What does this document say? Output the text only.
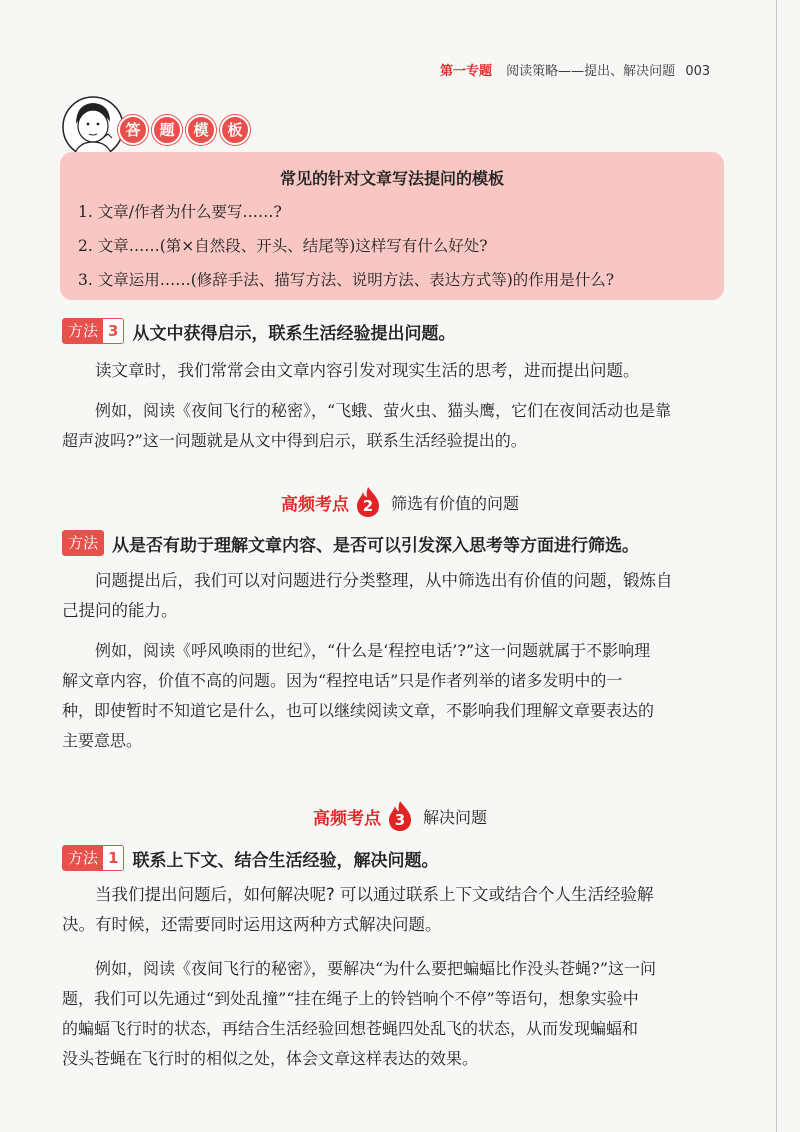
第一专题 阅读策略——提出、解决问题 003
答	题	模	板
常见的针对文章写法提问的模板
1. 文章/作者为什么要写……?
2. 文章……(第×自然段、开头、结尾等)这样写有什么好处?
3. 文章运用……(修辞手法、描写方法、说明方法、表达方式等)的作用是什么?
方法 3 从文中获得启示，联系生活经验提出问题。
读文章时，我们常常会由文章内容引发对现实生活的思考，进而提出问题。
例如，阅读《夜间飞行的秘密》，“飞蛾、萤火虫、猫头鹰，它们在夜间活动也是靠
超声波吗?”这一问题就是从文中得到启示，联系生活经验提出的。
高频考点 2 筛选有价值的问题
方法 从是否有助于理解文章内容、是否可以引发深入思考等方面进行筛选。
问题提出后，我们可以对问题进行分类整理，从中筛选出有价值的问题，锻炼自
己提问的能力。
例如，阅读《呼风唤雨的世纪》，“什么是‘程控电话’?”这一问题就属于不影响理
解文章内容，价值不高的问题。因为“程控电话”只是作者列举的诸多发明中的一
种，即使暂时不知道它是什么，也可以继续阅读文章，不影响我们理解文章要表达的
主要意思。
高频考点 3 解决问题
方法 1 联系上下文、结合生活经验，解决问题。
当我们提出问题后，如何解决呢? 可以通过联系上下文或结合个人生活经验解
决。有时候，还需要同时运用这两种方式解决问题。
例如，阅读《夜间飞行的秘密》，要解决“为什么要把蝙蝠比作没头苍蝇?”这一问
题，我们可以先通过“到处乱撞”“挂在绳子上的铃铛响个不停”等语句，想象实验中
的蝙蝠飞行时的状态，再结合生活经验回想苍蝇四处乱飞的状态，从而发现蝙蝠和
没头苍蝇在飞行时的相似之处，体会文章这样表达的效果。
